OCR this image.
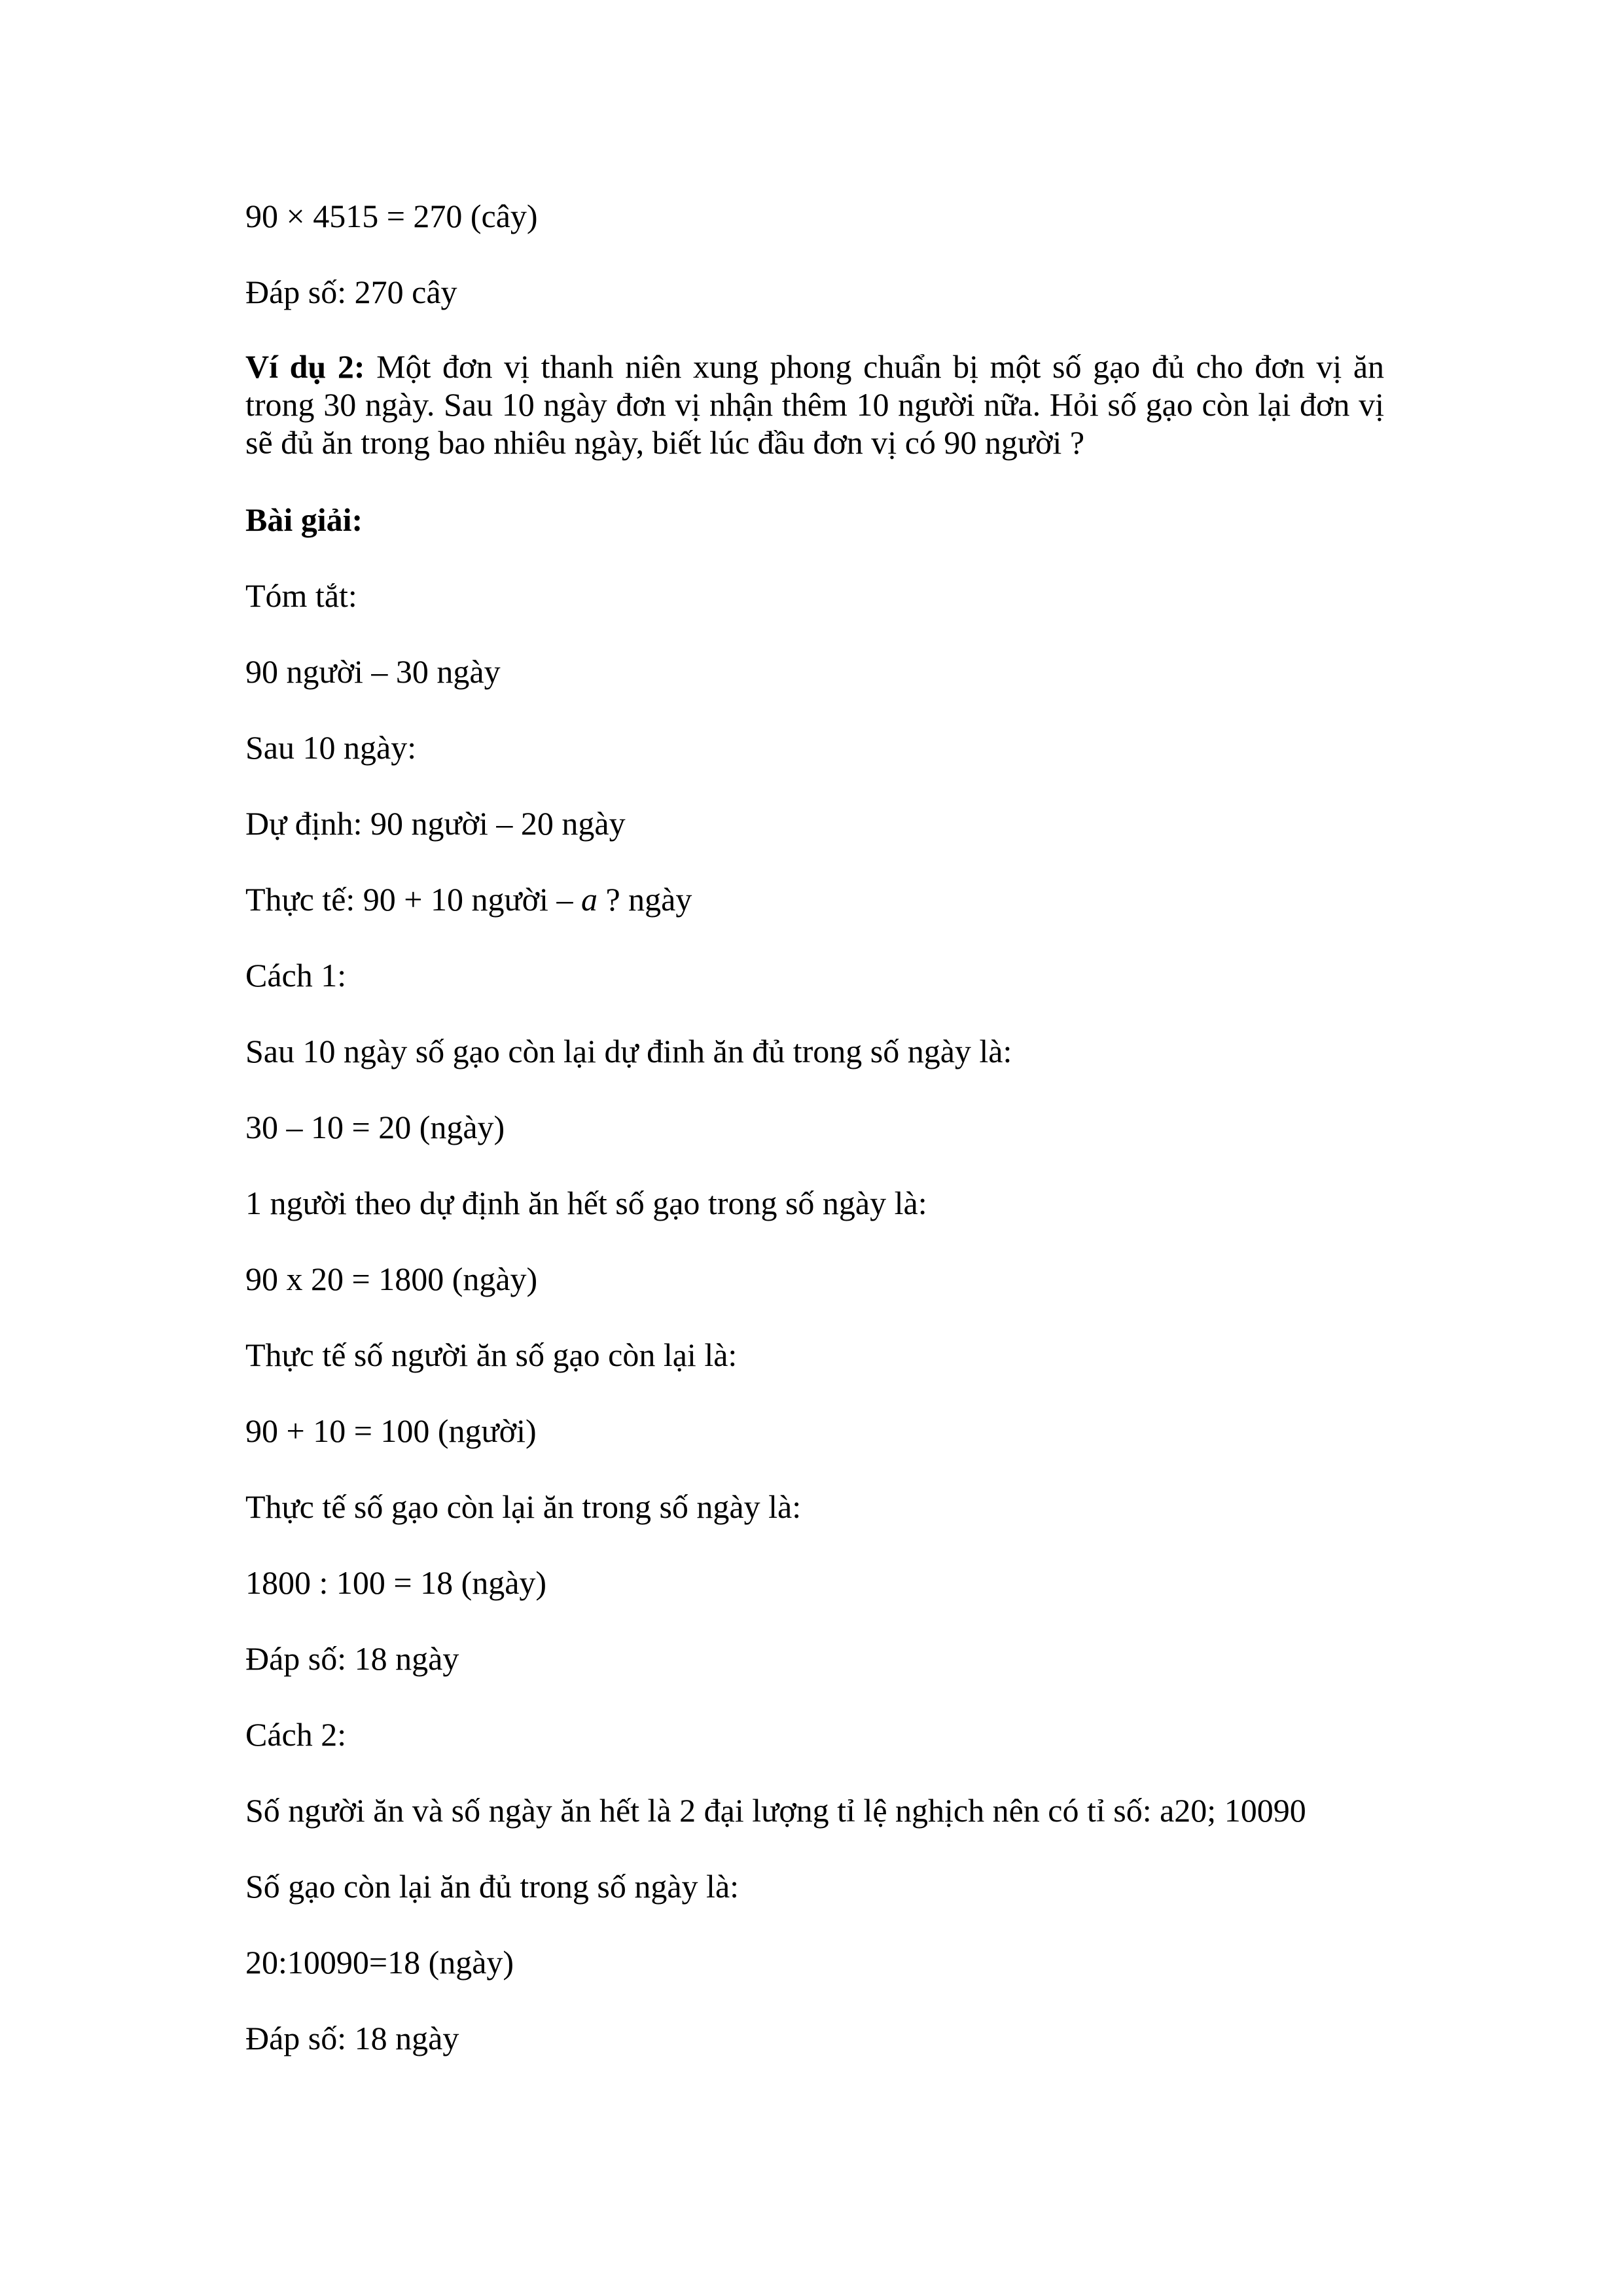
90 × 4515 = 270 (cây)
Đáp số: 270 cây
Ví dụ 2: Một đơn vị thanh niên xung phong chuẩn bị một số gạo đủ cho đơn vị ăn trong 30 ngày. Sau 10 ngày đơn vị nhận thêm 10 người nữa. Hỏi số gạo còn lại đơn vị sẽ đủ ăn trong bao nhiêu ngày, biết lúc đầu đơn vị có 90 người ?
Bài giải:
Tóm tắt:
90 người – 30 ngày
Sau 10 ngày:
Dự định: 90 người – 20 ngày
Thực tế: 90 + 10 người – a ? ngày
Cách 1:
Sau 10 ngày số gạo còn lại dự đinh ăn đủ trong số ngày là:
30 – 10 = 20 (ngày)
1 người theo dự định ăn hết số gạo trong số ngày là:
90 x 20 = 1800 (ngày)
Thực tế số người ăn số gạo còn lại là:
90 + 10 = 100 (người)
Thực tế số gạo còn lại ăn trong số ngày là:
1800 : 100 = 18 (ngày)
Đáp số: 18 ngày
Cách 2:
Số người ăn và số ngày ăn hết là 2 đại lượng tỉ lệ nghịch nên có tỉ số: a20; 10090
Số gạo còn lại ăn đủ trong số ngày là:
20:10090=18 (ngày)
Đáp số: 18 ngày
